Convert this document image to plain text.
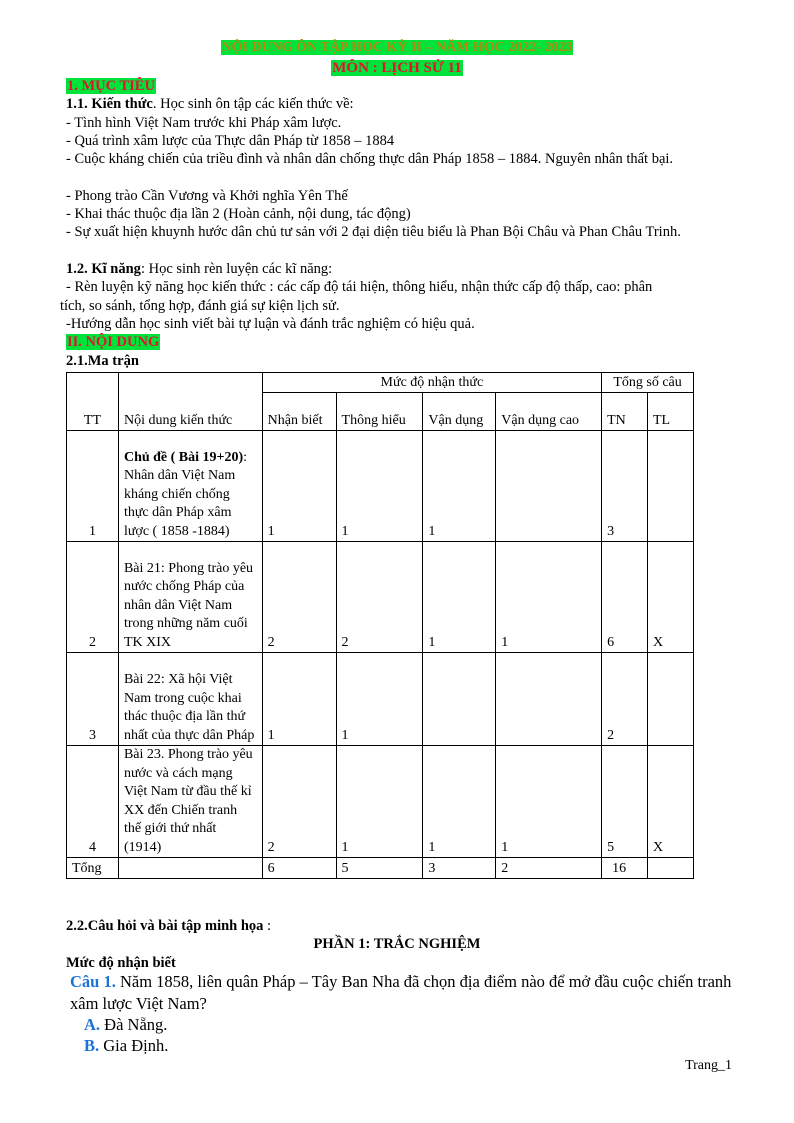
NỘI DUNG ÔN TẬP HỌC KỲ II – NĂM HỌC 2022- 2023
MÔN : LỊCH SỬ 11
1. MỤC TIÊU
1.1. Kiến thức. Học sinh ôn tập các kiến thức về:
- Tình hình Việt Nam trước khi Pháp xâm lược.
- Quá trình xâm lược của Thực dân Pháp từ 1858 – 1884
- Cuộc kháng chiến của triều đình và nhân dân chống thực dân Pháp 1858 – 1884. Nguyên nhân thất bại.
- Phong trào Cần Vương và Khởi nghĩa Yên Thế
- Khai thác thuộc địa lần 2 (Hoàn cảnh, nội dung, tác động)
- Sự xuất hiện khuynh hước dân chủ tư sản với 2 đại diện tiêu biểu là Phan Bội Châu và Phan Châu Trinh.
1.2. Kĩ năng: Học sinh rèn luyện các kĩ năng:
- Rèn luyện kỹ năng học kiến thức : các cấp độ tái hiện, thông hiểu, nhận thức cấp độ thấp, cao: phân
tích, so sánh, tổng hợp, đánh giá sự kiện lịch sử.
-Hướng dẫn học sinh viết bài tự luận và đánh trắc nghiệm có hiệu quả.
II. NỘI DUNG
2.1.Ma trận
TT	Nội dung kiến thức	Mức độ nhận thức				Tổng số câu	
		Nhận biết	Thông hiểu	Vận dụng	Vận dụng cao	TN	TL
1	Chủ đề ( Bài 19+20): Nhân dân Việt Nam kháng chiến chống thực dân Pháp xâm lược ( 1858 -1884)	1	1	1		3	
2	Bài 21: Phong trào yêu nước chống Pháp của nhân dân Việt Nam trong những năm cuối TK XIX	2	2	1	1	6	X
3	Bài 22: Xã hội Việt Nam trong cuộc khai thác thuộc địa lần thứ nhất của thực dân Pháp	1	1			2	
4	Bài 23. Phong trào yêu nước và cách mạng Việt Nam từ đầu thế kỉ XX đến Chiến tranh thế giới thứ nhất (1914)	2	1	1	1	5	X
Tổng		6	5	3	2	16	
2.2.Câu hỏi và bài tập minh họa :
PHẦN 1: TRẮC NGHIỆM
Mức độ nhận biết
Câu 1. Năm 1858, liên quân Pháp – Tây Ban Nha đã chọn địa điểm nào để mở đầu cuộc chiến tranh xâm lược Việt Nam?
A. Đà Nẵng.
B. Gia Định.
Trang_1
